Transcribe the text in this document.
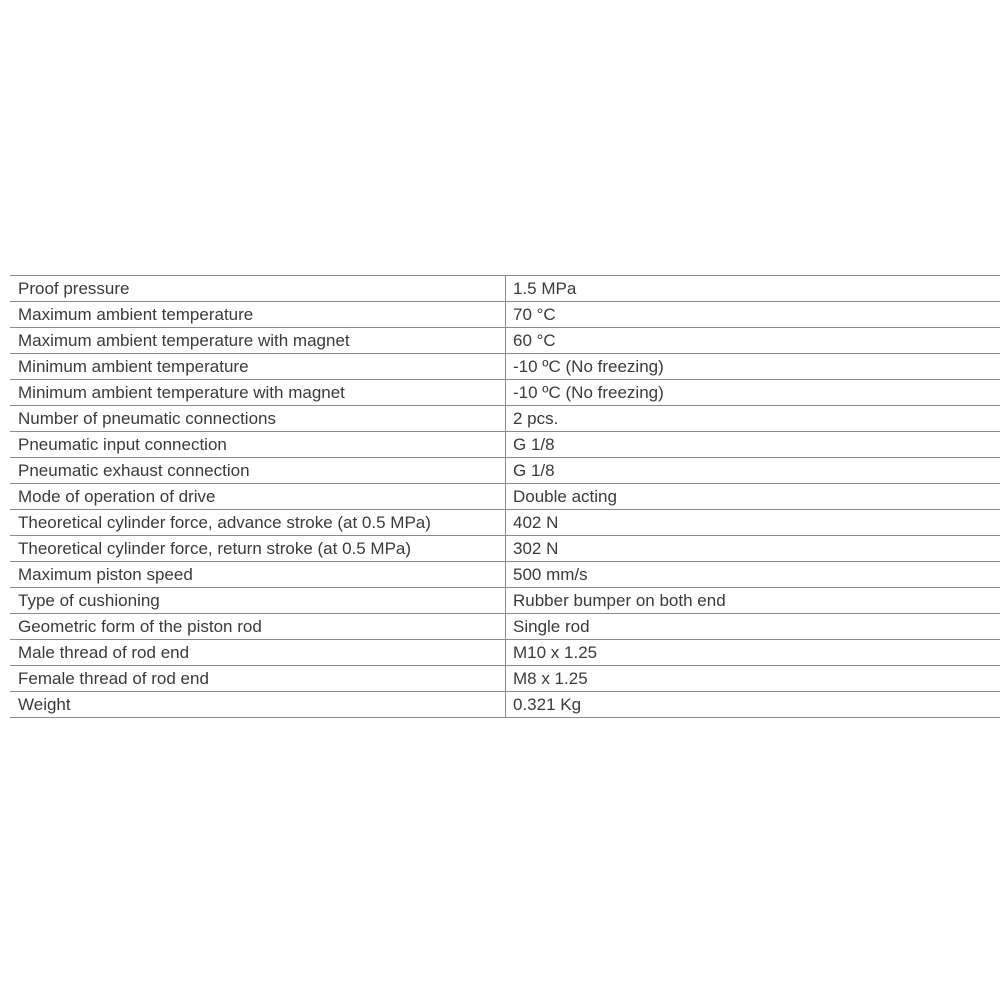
Proof pressure	1.5 MPa
Maximum ambient temperature	70 °C
Maximum ambient temperature with magnet	60 °C
Minimum ambient temperature	-10 ºC (No freezing)
Minimum ambient temperature with magnet	-10 ºC (No freezing)
Number of pneumatic connections	2 pcs.
Pneumatic input connection	G 1/8
Pneumatic exhaust connection	G 1/8
Mode of operation of drive	Double acting
Theoretical cylinder force, advance stroke (at 0.5 MPa)	402 N
Theoretical cylinder force, return stroke (at 0.5 MPa)	302 N
Maximum piston speed	500 mm/s
Type of cushioning	Rubber bumper on both end
Geometric form of the piston rod	Single rod
Male thread of rod end	M10 x 1.25
Female thread of rod end	M8 x 1.25
Weight	0.321 Kg
